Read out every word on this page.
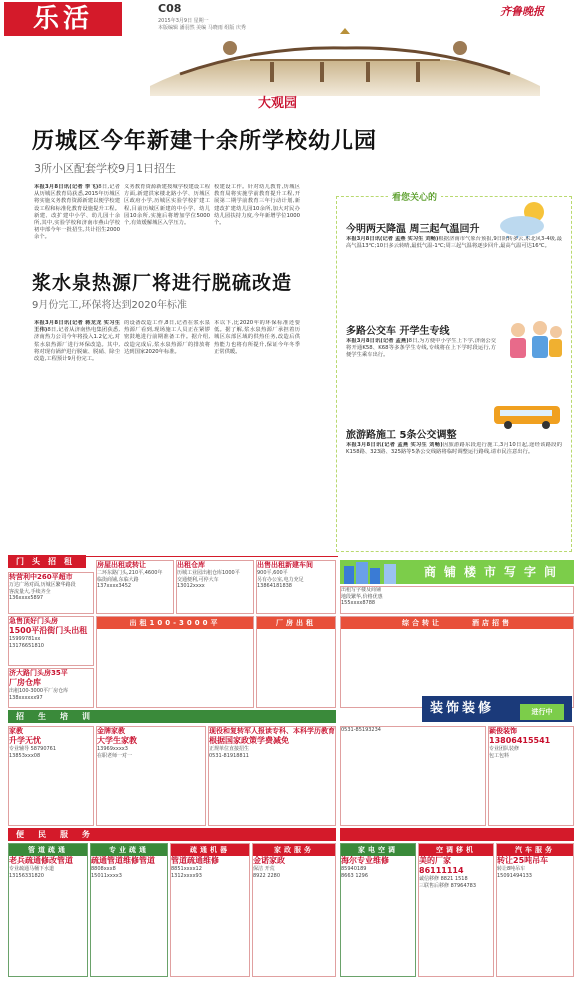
乐活	C08
2015年3月9日 星期一
本版编辑 潘羽然 美编 马晓雨 组版 庆秀
齐鲁晚报
大观园
历城区今年新建十余所学校幼儿园
3所小区配套学校9月1日招生
本报3月8日讯(记者 李飞)8日,记者从历城区教育局获悉,2015年历城区将实施义务教育资源新建以便学校建设工程和标准化教育设施提升工程。新建、改扩建中小学、幼儿园十余所,其中,实验学校和济南市燕山学校初中部今年一批招生,共计招生2000余个。
义务教育资源新建按城学校建设工程方面,新建洪家楼北路小学、历城区区政府小学,历城区实验学校扩建工程,目前历城区新建的中小学、幼儿园10余所,实施后将增加学位5000个,有效缓解城区入学压力。
校建设工作。针对幼儿教育,历城区教育局将实施学前教育提升工程,开展第二期学前教育三年行动计划,新建改扩建幼儿园10余所,加大对民办幼儿园扶持力度,今年新增学位1000个。
浆水泉热源厂将进行脱硫改造
9月份完工,环保将达到2020年标准
本报3月8日讯(记者 蒋龙龙 实习生 王伟)8日,记者从济南热电集团获悉,济南热力公司今年将投入1.2亿元,对浆水泉热源厂进行环保改造。其中,将对现有锅炉进行脱硫、脱硝、除尘改造,工程预计9月份完工。
的设备改造工作,8日,记者在浆水泉热源厂看到,现场施工人员正在紧锣密鼓地进行前期准备工作。据介绍,改造完成后,浆水泉热源厂的排放将达到国家2020年标准。
本以下,比2020年的环保标准还要低。据了解,浆水泉热源厂承担着历城区东部区域的供热任务,改造后供热能力也将有所提升,保证今年冬季正常供暖。
看您关心的
今明两天降温 周三起气温回升
本报3月8日讯(记者 孟燕 实习生 刘畅)根据济南市气象台预报,9日阴转多云,东北风3-4级,最高气温13℃;10日多云转晴,最低气温-1℃;周三起气温将逐步回升,最高气温可达16℃。
多路公交车 开学生专线
本报3月8日讯(记者 孟燕)8日,为方便中小学生上下学,济南公交将开通K58、K68等多条学生专线,专线将在上下学时段运行,方便学生乘车出行。
旅游路施工 5条公交调整
本报3月8日讯(记者 孟燕 实习生 刘畅)因旅游路东段进行施工,3月10日起,途经该路段的K158路、323路、325路等5条公交线路将临时调整运行路线,请市民注意出行。
门头招租
转营利中260平超市
万达广场对面,历城区繁华路段
客流量大,手续齐全
136xxxx5897
房屋出租或转让
二环东路门头,210平,4600年
临街商铺,东临大路
137xxxx3452
出租仓库
历城工业园出租仓库1000平
交通便利,可停大车
13012xxxx
出售出租新建车间
900平,600平
另有办公室,电力充足
13864181838
商铺楼市写字间
出租写字楼及商铺
地段繁华,价格优惠
155xxxx8788
急售顶好门头房
1500平沿街门头出租
15999781xx
13176651810
济大路门头房35平
厂房仓库
出租100-3000平厂房仓库
138xxxxxx97
出租100-3000平	厂房出租	综合转让　　　酒店招售
招生培训
装饰装修	进行中
家教
升学无忧
专业辅导 58790761
13853xxx08
金牌家教
大学生家教
13969xxxx3
在职老师一对一
现役和复转军人报读专科、本科学历教育
根据国家政策学费减免
正规单位直接招生
0531-81918811
0531-85193234	颖俊装饰
13806415541
专业团队装修
包工包料
便民服务
管道疏通
老兵疏通修改管道
专业疏通马桶下水道
13156331820
专业疏通
疏通管道维修管道
8808xxx8
15011xxxx3
疏通机器
管道疏通维修
8851xxxx12
1312xxxx93
家政服务
金诺家政
保洁 开荒
8922 2280
家电空调
海尔专业维修
85940189
8663 1296
空调移机
美的厂家86111114
诚信移修 8821 1518
三联售后移修 87964783
汽车服务
转让25吨吊车
转让8吨吊车
15091494133
